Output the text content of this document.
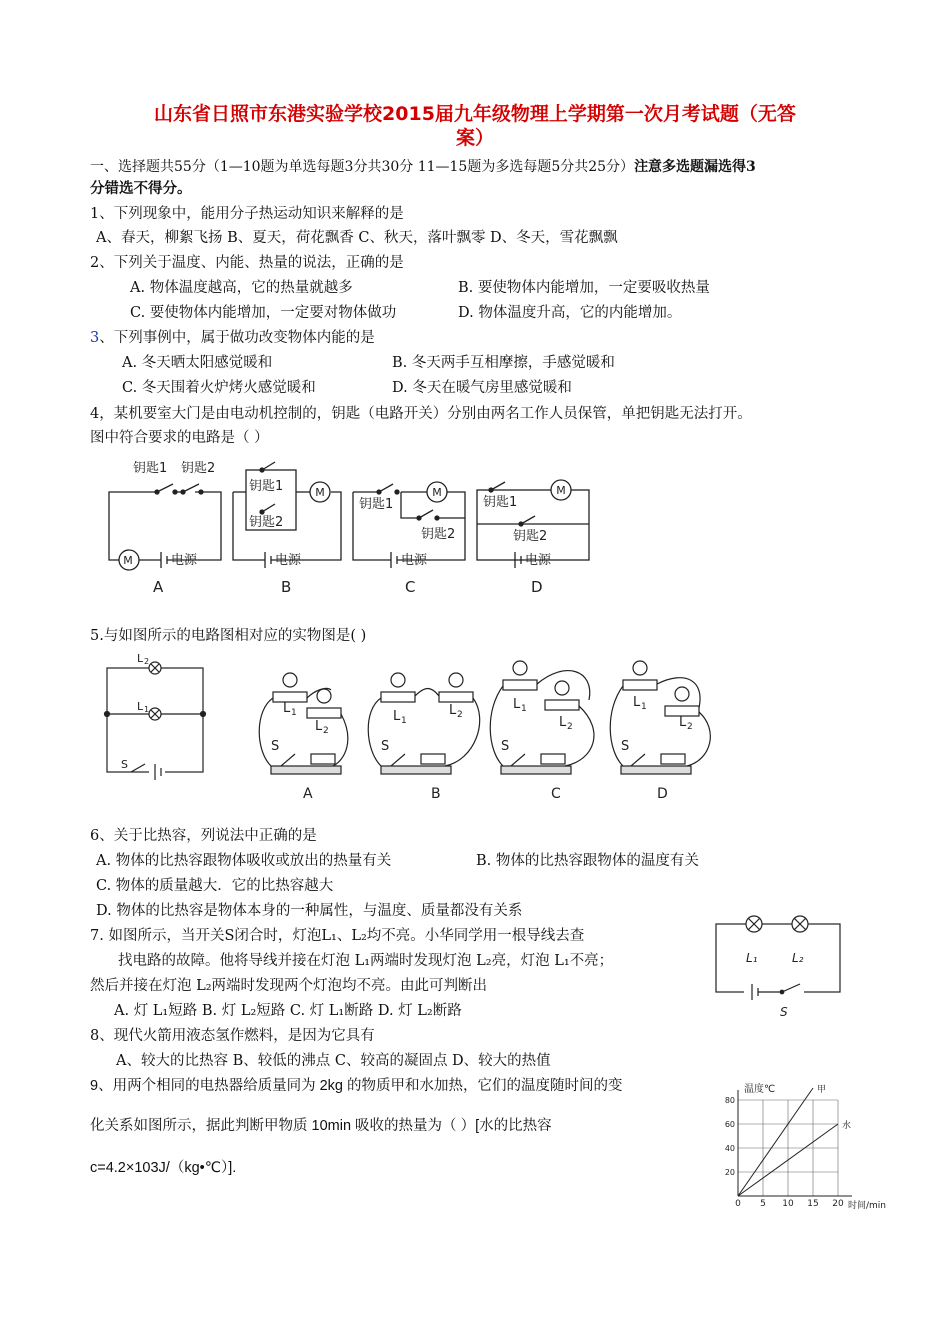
山东省日照市东港实验学校2015届九年级物理上学期第一次月考试题（无答
案）
一、选择题共55分（1—10题为单选每题3分共30分 11—15题为多选每题5分共25分）注意多选题漏选得3
分错选不得分。
1、下列现象中，能用分子热运动知识来解释的是
A、春天，柳絮飞扬 B、夏天，荷花飘香 C、秋天，落叶飘零 D、冬天，雪花飘飘
2、下列关于温度、内能、热量的说法，正确的是
A. 物体温度越高，它的热量就越多	B. 要使物体内能增加，一定要吸收热量
C. 要使物体内能增加，一定要对物体做功	D. 物体温度升高，它的内能增加。
3、下列事例中，属于做功改变物体内能的是
A. 冬天晒太阳感觉暖和	B. 冬天两手互相摩擦，手感觉暖和
C. 冬天围着火炉烤火感觉暖和	D. 冬天在暖气房里感觉暖和
4，某机要室大门是由电动机控制的，钥匙（电路开关）分别由两名工作人员保管，单把钥匙无法打开。
图中符合要求的电路是（ ）
M
M	M	M
钥匙1 钥匙2
钥匙1
钥匙2
钥匙1
钥匙2
钥匙1
钥匙2
电源	电源	电源	电源
A	B	C	D
5.与如图所示的电路图相对应的实物图是( )
L 2
L 1
S
L 1
L 2
S
L 1
L 2
S
L 1
L 2
S
L 1
L 2
S
A	B	C	D
6、关于比热容，列说法中正确的是
A. 物体的比热容跟物体吸收或放出的热量有关	B. 物体的比热容跟物体的温度有关
C. 物体的质量越大．它的比热容越大
D. 物体的比热容是物体本身的一种属性，与温度、质量都没有关系
7. 如图所示，当开关S闭合时，灯泡L₁、L₂均不亮。小华同学用一根导线去查
找电路的故障。他将导线并接在灯泡 L₁两端时发现灯泡 L₂亮，灯泡 L₁不亮；
然后并接在灯泡 L₂两端时发现两个灯泡均不亮。由此可判断出
A. 灯 L₁短路 B. 灯 L₂短路 C. 灯 L₁断路 D. 灯 L₂断路
L₁	L₂
S
8、现代火箭用液态氢作燃料，是因为它具有
A、较大的比热容 B、较低的沸点 C、较高的凝固点 D、较大的热值
9、用两个相同的电热器给质量同为 2kg 的物质甲和水加热，它们的温度随时间的变
化关系如图所示，据此判断甲物质 10min 吸收的热量为（ ）[水的比热容
c=4.2×103J/（kg•℃）].
0 5 10 15 20
20
40
60
80
甲
水
温度℃
时间/min
